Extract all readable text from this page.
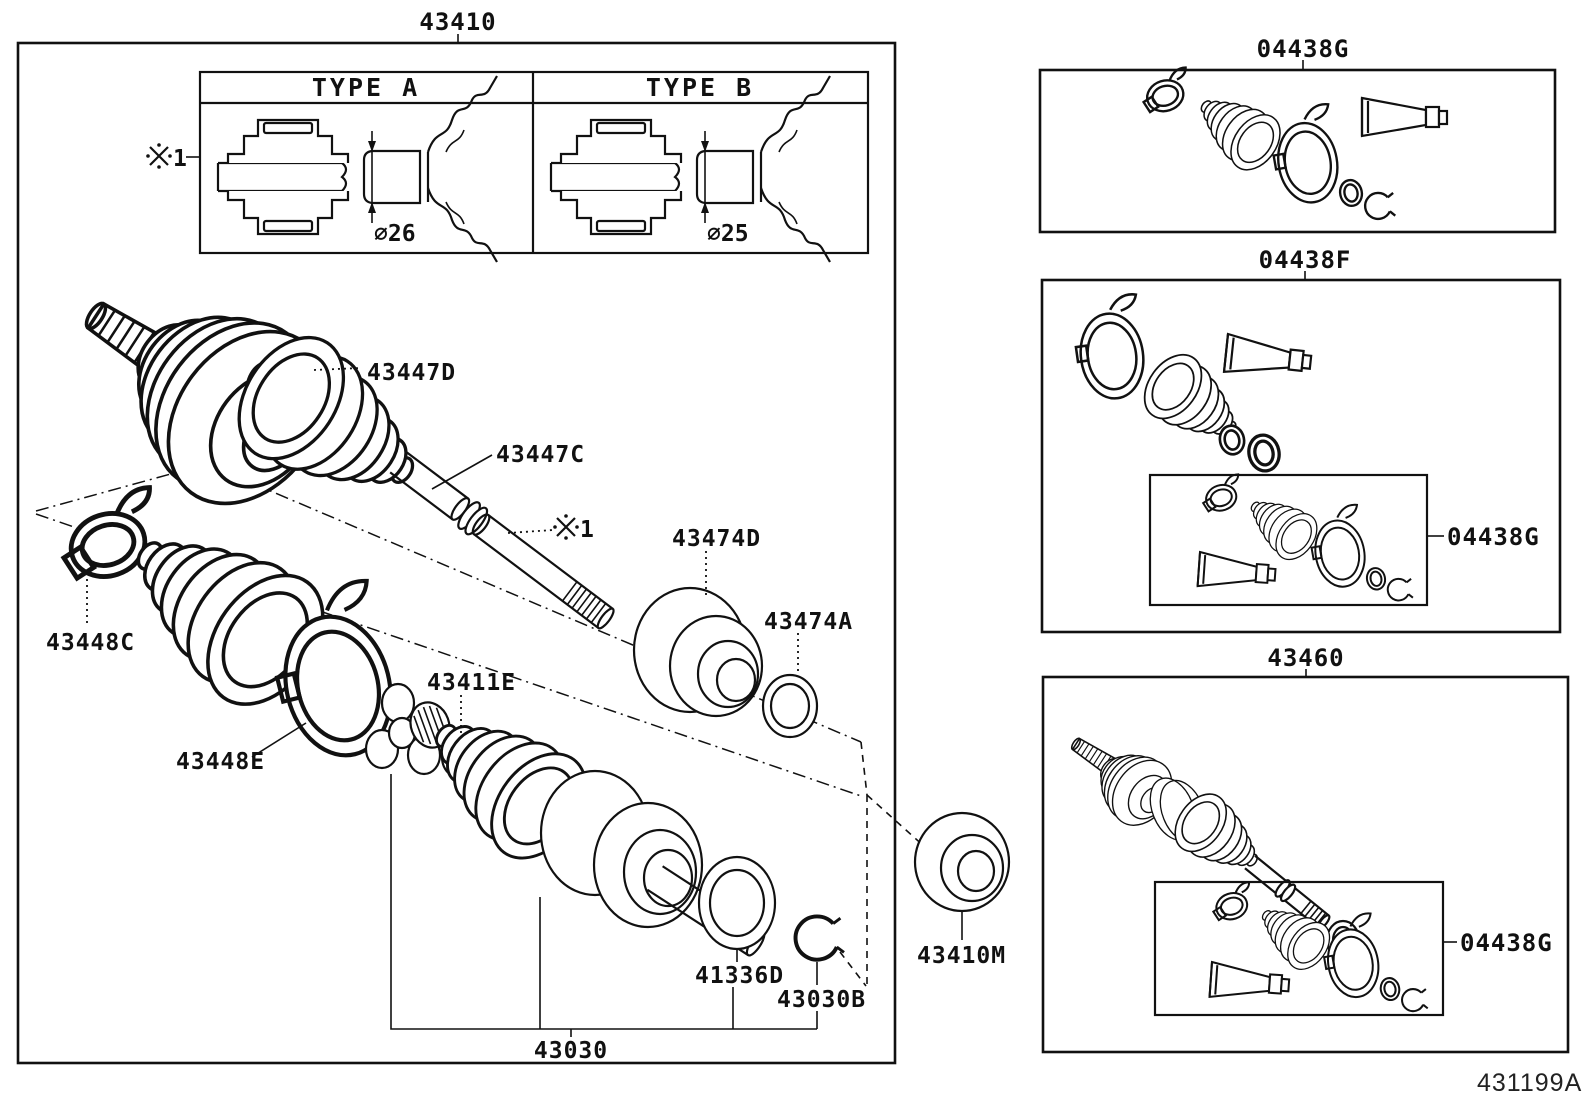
43410
TYPE A	TYPE B
∅26	∅25
1
43447D
43447C
1	43474D
43474A
43448C
43448E
43411E
41336D
43030B
43030
43410M
04438G
04438F
04438G
43460
04438G
431199A
